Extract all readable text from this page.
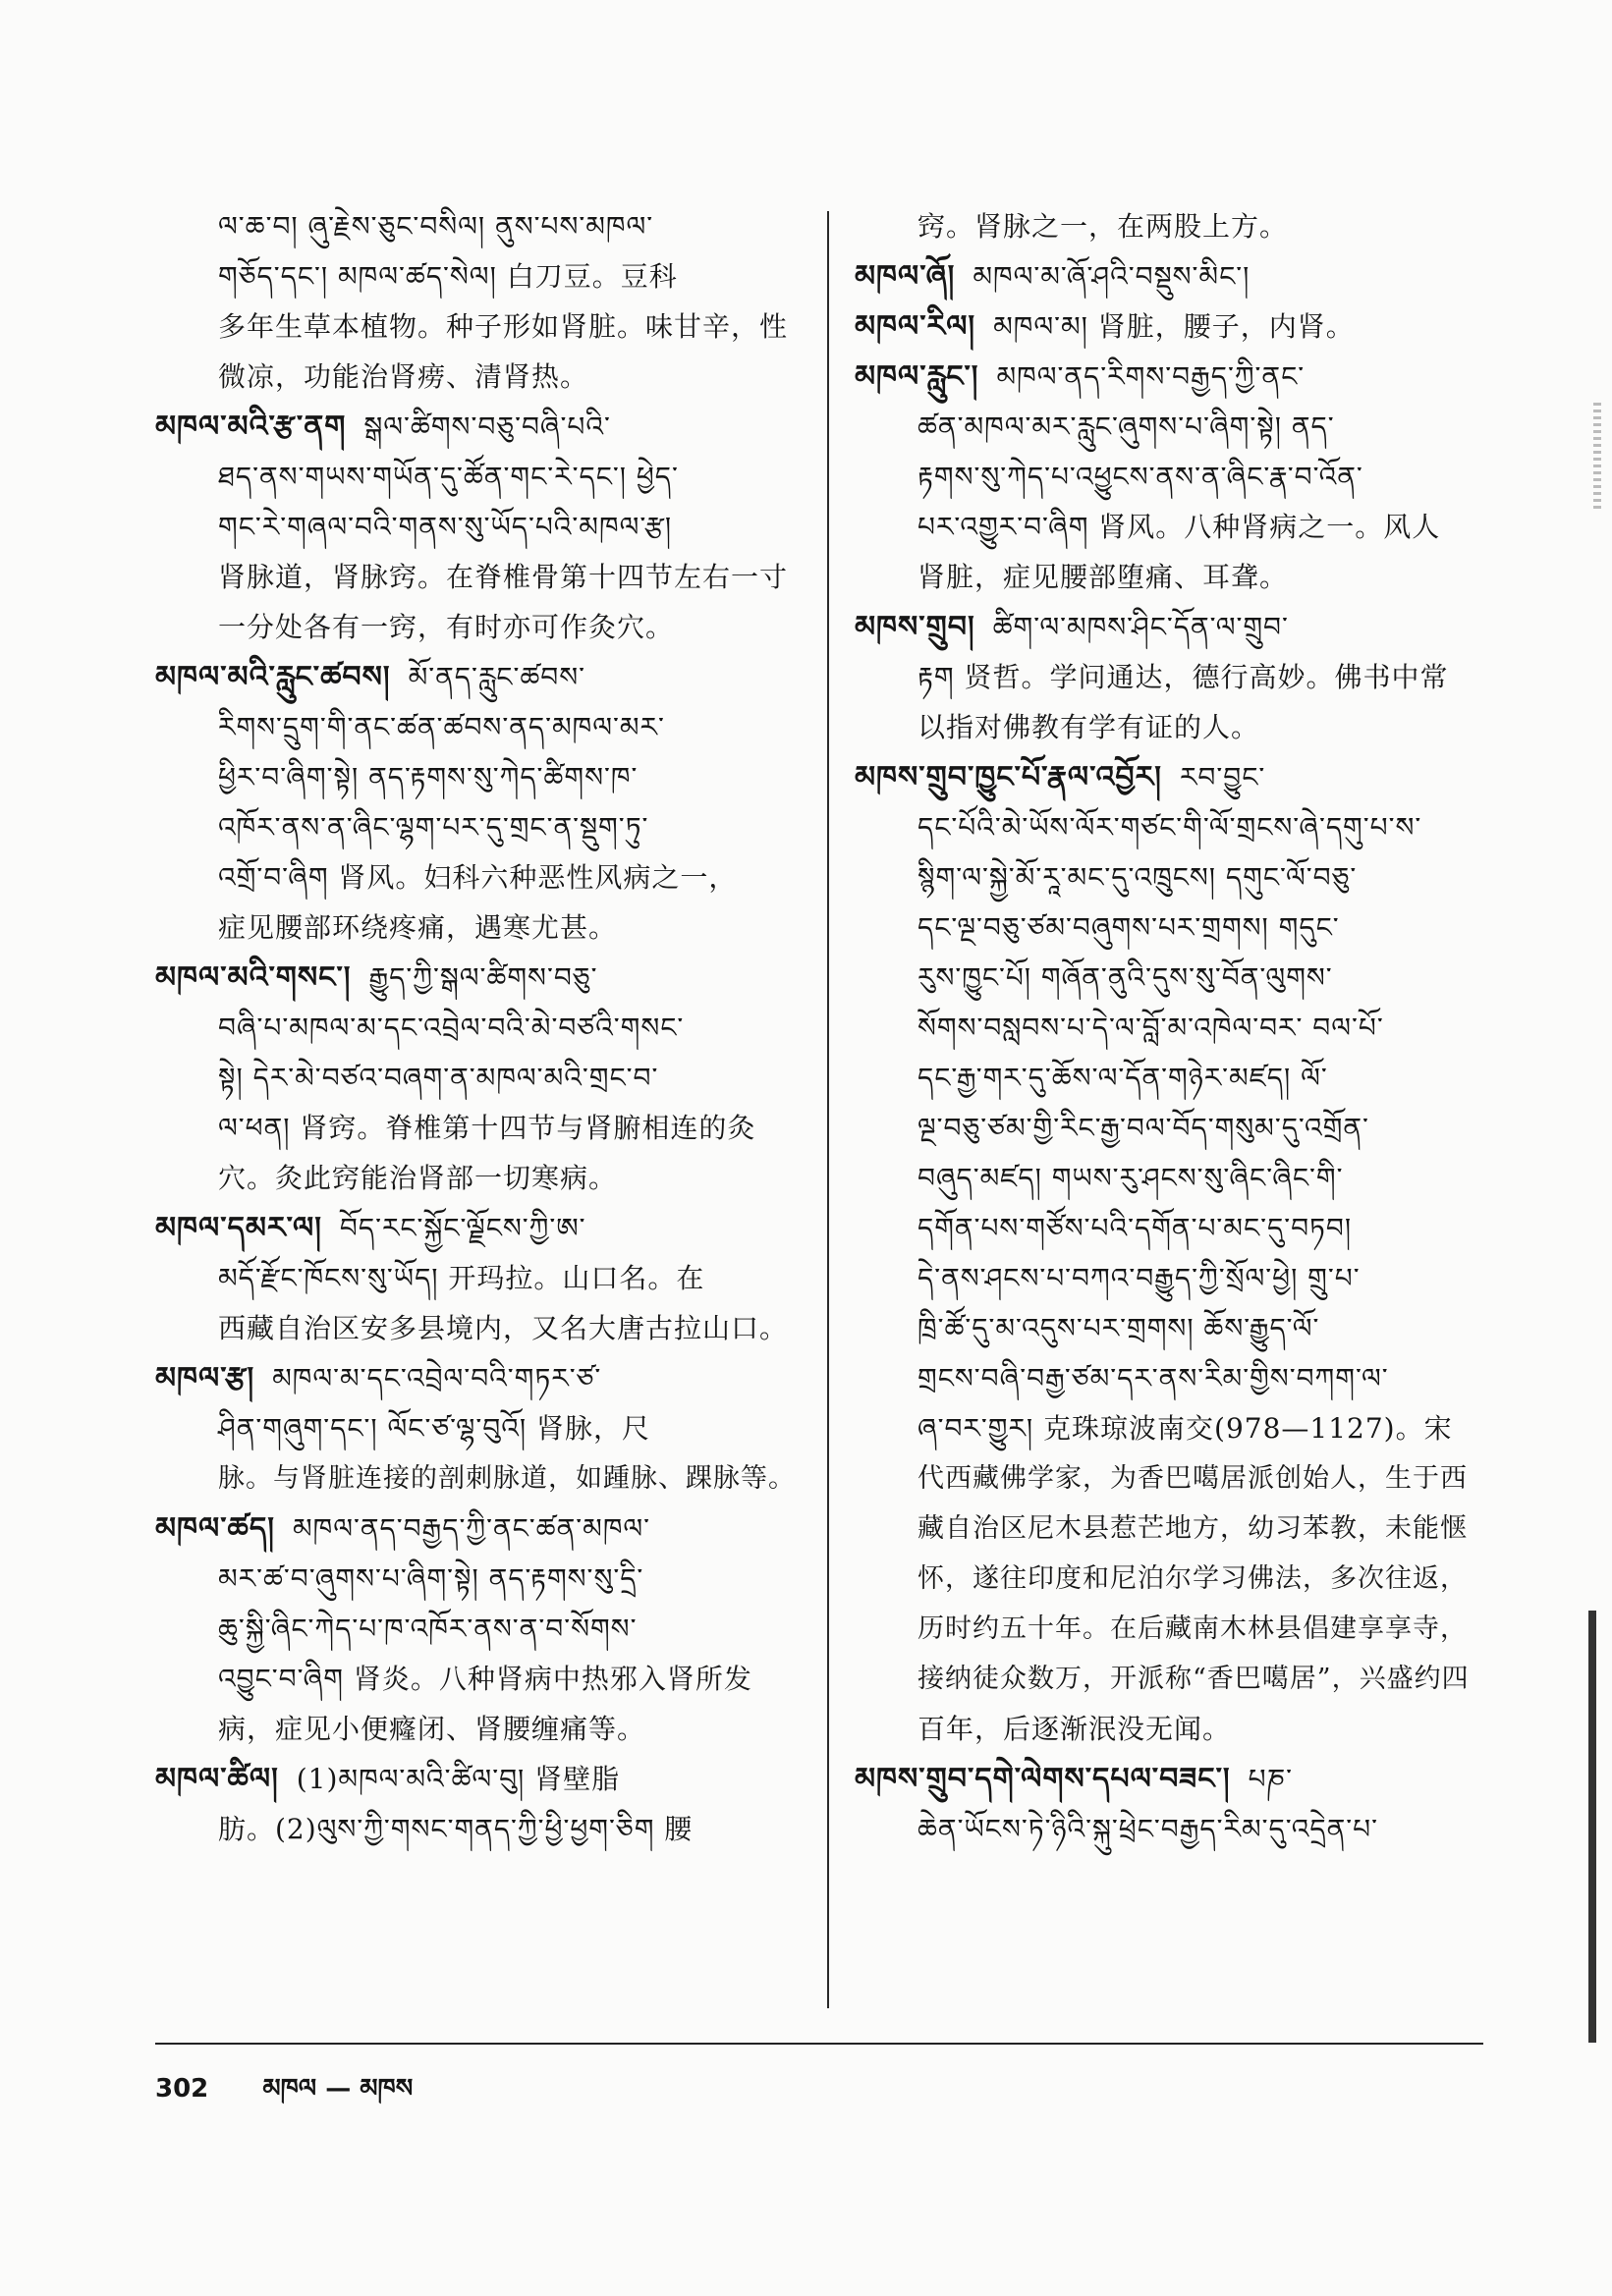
ལ་ཆ་བ། ཞུ་རྗེས་ཅུང་བསིལ། ནུས་པས་མཁལ་

གཅོད་དང་། མཁལ་ཚད་སེལ། 白刀豆。豆科

多年生草本植物。种子形如肾脏。味甘辛，性

微凉，功能治肾痨、清肾热。

མཁལ་མའི་རྩ་ནག སྒལ་ཚིགས་བཅུ་བཞི་པའི་

ཐད་ནས་གཡས་གཡོན་དུ་ཚོན་གང་རེ་དང་། ཕྱེད་

གང་རེ་གཞལ་བའི་གནས་སུ་ཡོད་པའི་མཁལ་རྩ།

肾脉道，肾脉窍。在脊椎骨第十四节左右一寸

一分处各有一窍，有时亦可作灸穴。

མཁལ་མའི་རླུང་ཚབས། མོ་ནད་རླུང་ཚབས་

རིགས་དྲུག་གི་ནང་ཚན་ཚབས་ནད་མཁལ་མར་

ཕྱིར་བ་ཞིག་སྟེ། ནད་རྟགས་སུ་ཀེད་ཚིགས་ཁ་

འཁོར་ནས་ན་ཞིང་ལྷག་པར་དུ་གྲང་ན་སྡུག་ཏུ་

འགྲོ་བ་ཞིག 肾风。妇科六种恶性风病之一，

症见腰部环绕疼痛，遇寒尤甚。

མཁལ་མའི་གསང་། རྒྱུད་ཀྱི་སྒལ་ཚིགས་བཅུ་

བཞི་པ་མཁལ་མ་དང་འབྲེལ་བའི་མེ་བཙའི་གསང་

སྟེ། དེར་མེ་བཙའ་བཞག་ན་མཁལ་མའི་གྲང་བ་

ལ་ཕན། 肾窍。脊椎第十四节与肾腑相连的灸

穴。灸此窍能治肾部一切寒病。

མཁལ་དམར་ལ། བོད་རང་སྐྱོང་ལྗོངས་ཀྱི་ཨ་

མདོ་རྫོང་ཁོངས་སུ་ཡོད། 开玛拉。山口名。在

西藏自治区安多县境内，又名大唐古拉山口。

མཁལ་རྩ། མཁལ་མ་དང་འབྲེལ་བའི་གཏར་ཙ་

ཤིན་གཞུག་དང་། ལོང་ཙ་ལྷ་བུའོ། 肾脉，尺

脉。与肾脏连接的剖刺脉道，如踵脉、踝脉等。

མཁལ་ཚད། མཁལ་ནད་བརྒྱད་ཀྱི་ནང་ཚན་མཁལ་

མར་ཚ་བ་ཞུགས་པ་ཞིག་སྟེ། ནད་རྟགས་སུ་དྲི་

ཆུ་སྐྱི་ཞིང་ཀེད་པ་ཁ་འཁོར་ནས་ན་བ་སོགས་

འབྱུང་བ་ཞིག 肾炎。八种肾病中热邪入肾所发

病，症见小便癃闭、肾腰缠痛等。

མཁལ་ཚིལ། (1)མཁལ་མའི་ཚིལ་བུ། 肾壁脂

肪。(2)ལུས་ཀྱི་གསང་གནད་ཀྱི་ཕྱི་ཕྱག་ཅིག 腰

窍。肾脉之一，在两股上方。

མཁལ་ཞོ། མཁལ་མ་ཞོ་ཤའི་བསྡུས་མིང་།

མཁལ་རིལ། མཁལ་མ། 肾脏，腰子，内肾。

མཁལ་རླུང་། མཁལ་ནད་རིགས་བརྒྱད་ཀྱི་ནང་

ཚན་མཁལ་མར་རླུང་ཞུགས་པ་ཞིག་སྟེ། ནད་

རྟགས་སུ་ཀེད་པ་འཕྱུངས་ནས་ན་ཞིང་རྣ་བ་འོན་

པར་འགྱུར་བ་ཞིག 肾风。八种肾病之一。风人

肾脏，症见腰部堕痛、耳聋。

མཁས་གྲུབ། ཚིག་ལ་མཁས་ཤིང་དོན་ལ་གྲུབ་

རྟག 贤哲。学问通达，德行高妙。佛书中常

以指对佛教有学有证的人。

མཁས་གྲུབ་ཁྱུང་པོ་རྣལ་འབྱོར། རབ་བྱུང་

དང་པོའི་མེ་ཡོས་ལོར་གཙང་གི་ལོ་གྲངས་ཞེ་དགུ་པ་ས་

སྙིག་ལ་སྐྱེ་མོ་རཱ་མང་དུ་འཁྲུངས། དགུང་ལོ་བཅུ་

དང་ལྔ་བཅུ་ཙམ་བཞུགས་པར་གྲགས། གདུང་

རུས་ཁྱུང་པོ། གཞོན་ནུའི་དུས་སུ་བོན་ལུགས་

སོགས་བསླབས་པ་དེ་ལ་བློ་མ་འཁེལ་བར་ བལ་པོ་

དང་རྒྱ་གར་དུ་ཆོས་ལ་དོན་གཉེར་མཛད། ལོ་

ལྔ་བཅུ་ཙམ་གྱི་རིང་རྒྱ་བལ་བོད་གསུམ་དུ་འགྲོན་

བཞུད་མཛད། གཡས་རུ་ཤངས་སུ་ཞིང་ཞིང་གི་

དགོན་པས་གཙོས་པའི་དགོན་པ་མང་དུ་བཏབ།

དེ་ནས་ཤངས་པ་བཀའ་བརྒྱུད་ཀྱི་སྲོལ་ཕྱེ། གྲུ་པ་

ཁྲི་ཚོ་དུ་མ་འདུས་པར་གྲགས། ཆོས་རྒྱུད་ལོ་

གྲངས་བཞི་བརྒྱ་ཙམ་དར་ནས་རིམ་གྱིས་བཀག་ལ་

ཞ་བར་གྱུར། 克珠琼波南交(978—1127)。宋

代西藏佛学家，为香巴噶居派创始人，生于西

藏自治区尼木县惹芒地方，幼习苯教，未能惬

怀，遂往印度和尼泊尔学习佛法，多次往返，

历时约五十年。在后藏南木林县倡建享享寺，

接纳徒众数万，开派称“香巴噶居”，兴盛约四

百年，后逐渐泯没无闻。

མཁས་གྲུབ་དགེ་ལེགས་དཔལ་བཟང་། པཎ་

ཆེན་ཡོངས་ཏེ་ཉིའི་སྐུ་ཕྲེང་བརྒྱད་རིམ་དུ་འདྲེན་པ་

302 མཁལ — མཁས
